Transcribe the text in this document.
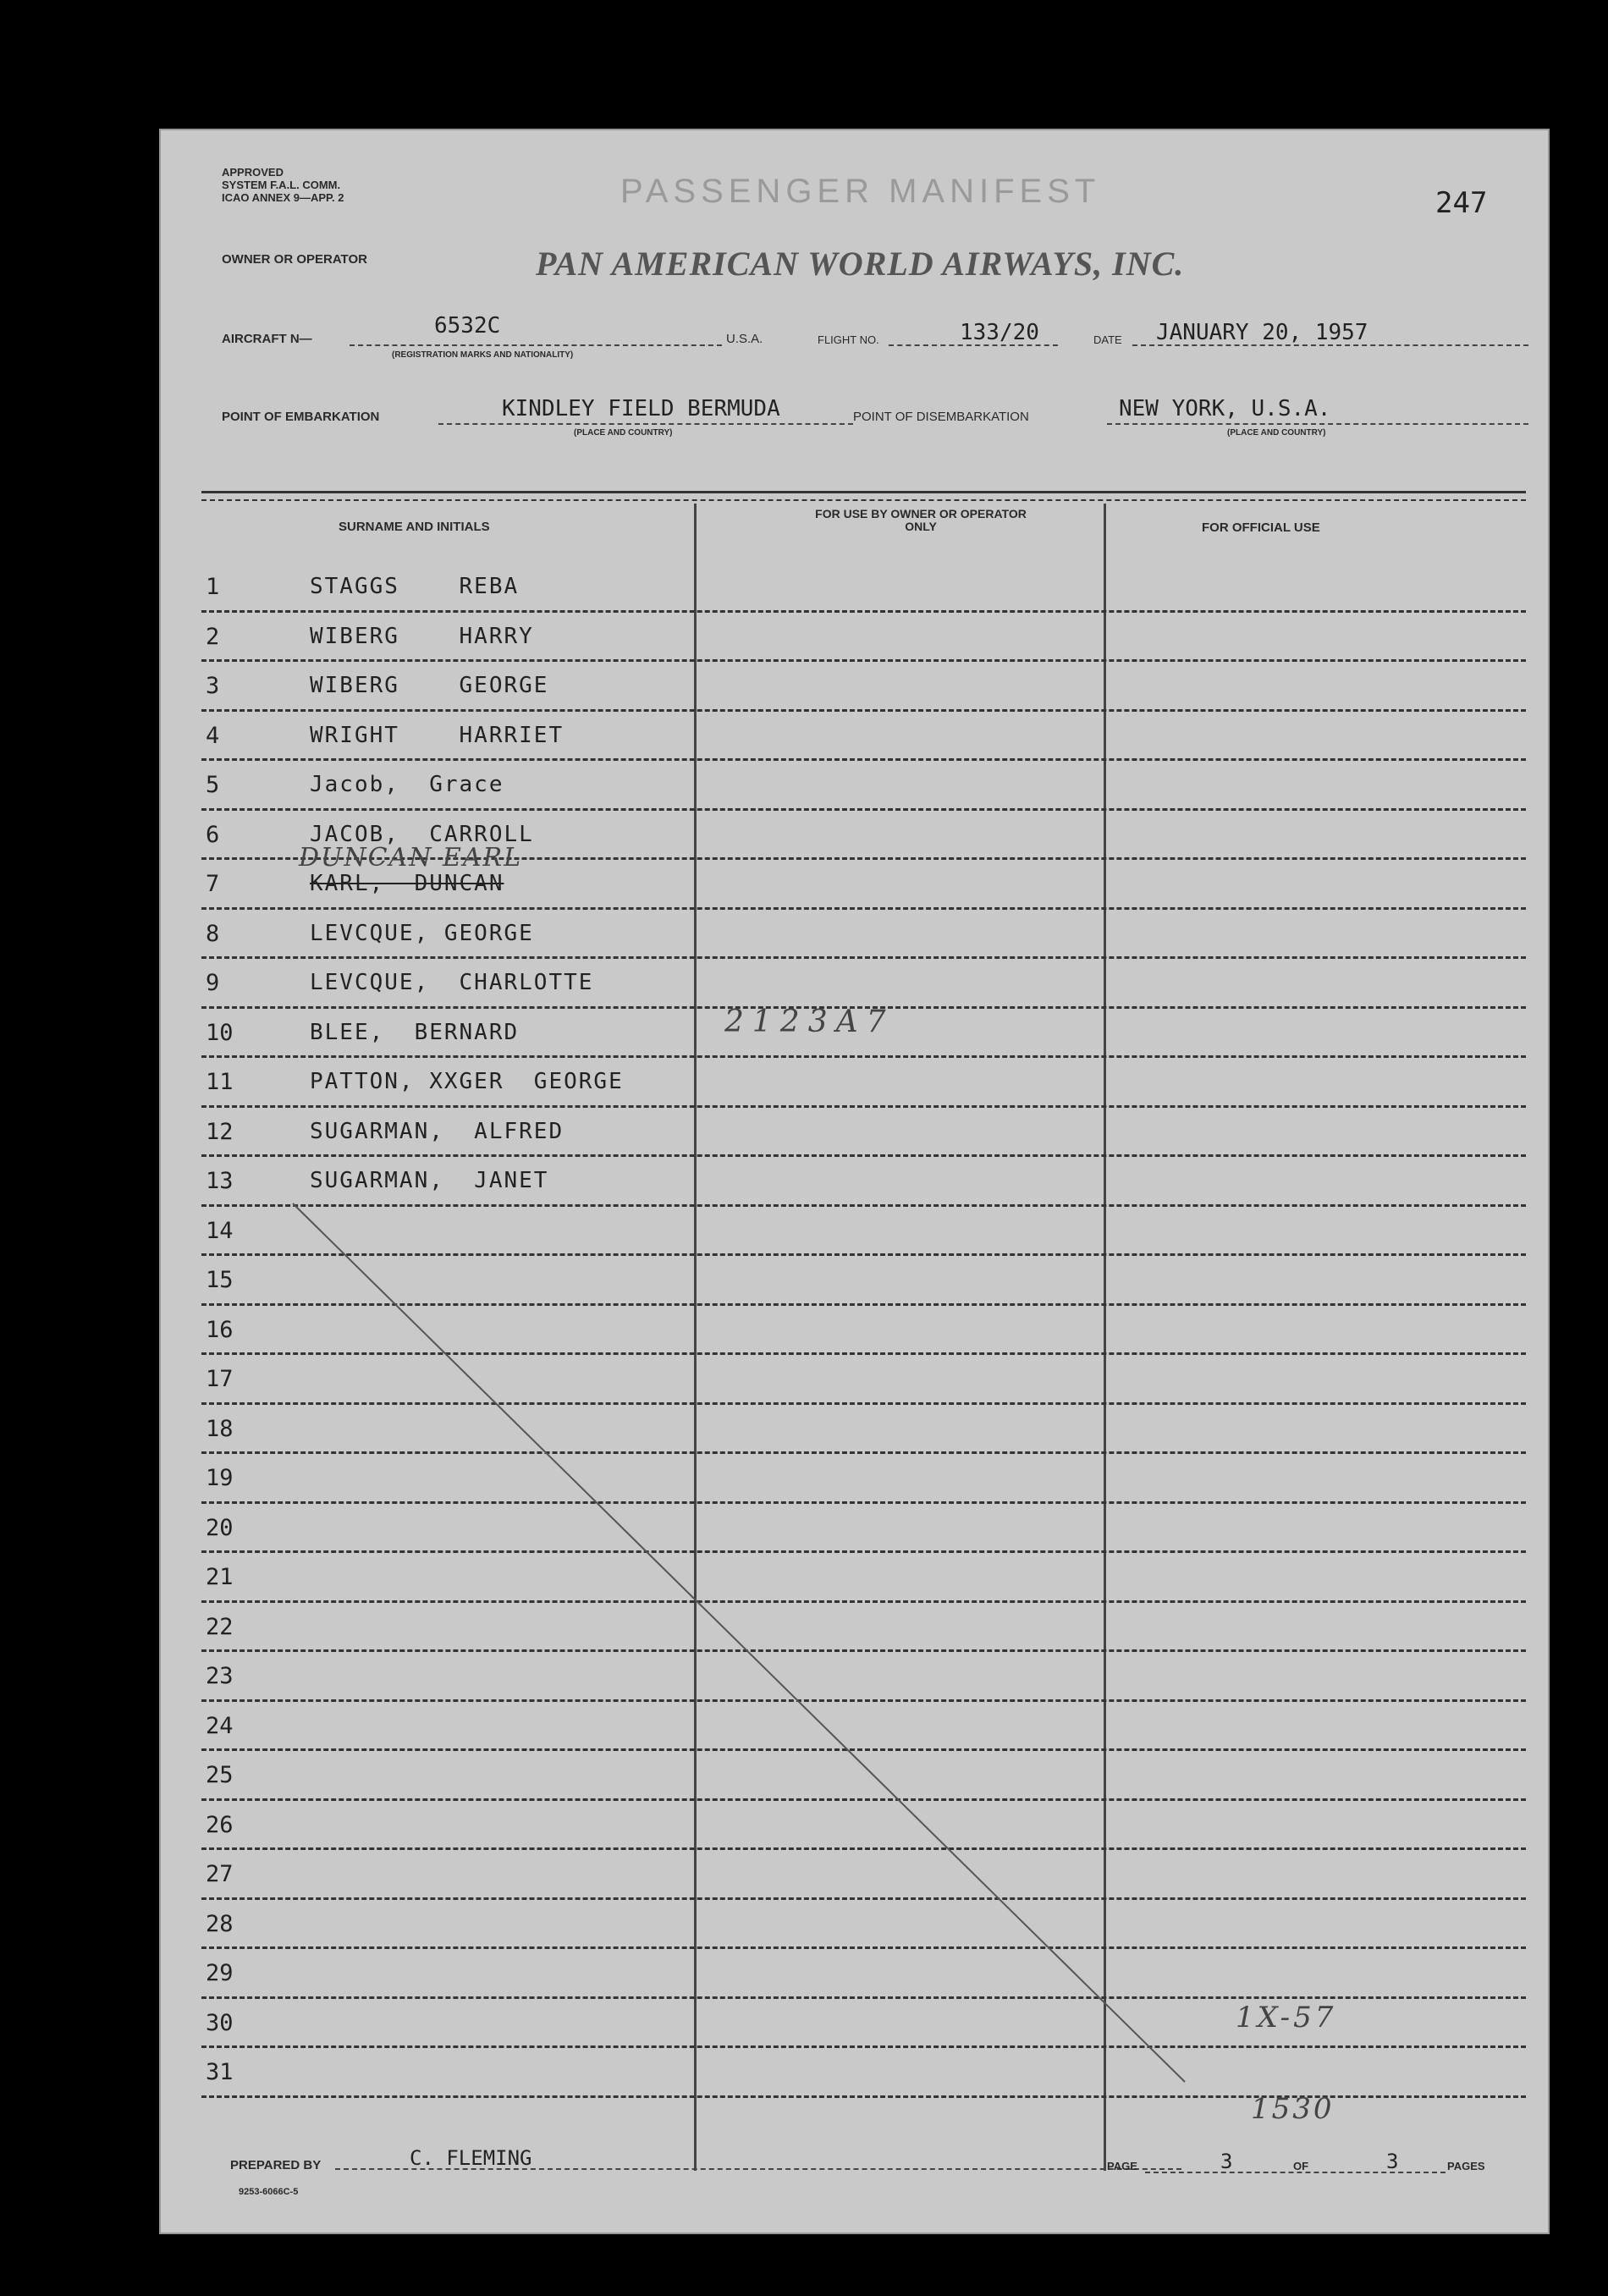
APPROVED
SYSTEM F.A.L. COMM.
ICAO ANNEX 9—APP. 2	PASSENGER MANIFEST	247
OWNER OR OPERATOR	PAN AMERICAN WORLD AIRWAYS, INC.
AIRCRAFT N—
6532C
(REGISTRATION MARKS AND NATIONALITY)
U.S.A.	FLIGHT NO.	133/20	DATE JANUARY 20, 1957
POINT OF EMBARKATION	KINDLEY FIELD BERMUDA
(PLACE AND COUNTRY)
POINT OF DISEMBARKATION	NEW YORK, U.S.A.
(PLACE AND COUNTRY)
SURNAME AND INITIALS
FOR USE BY OWNER OR OPERATOR ONLY	FOR OFFICIAL USE
1	STAGGS    REBA
2	WIBERG    HARRY
3	WIBERG    GEORGE
4	WRIGHT    HARRIET
5	Jacob,  Grace
6	JACOB,  CARROLL
7	KARL,  DUNCAN
8	LEVCQUE, GEORGE
9	LEVCQUE,  CHARLOTTE
10	BLEE,  BERNARD
11	PATTON, XXGER  GEORGE
12	SUGARMAN,  ALFRED
13	SUGARMAN,  JANET
14
15
16
17
18
19
20
21
22
23
24
25
26
27
28
29
30
31
DUNCAN EARL
2123A7
1X-57
1530
PREPARED BY	C. FLEMING
9253-6066C-5
PAGE	3	OF	3	PAGES
